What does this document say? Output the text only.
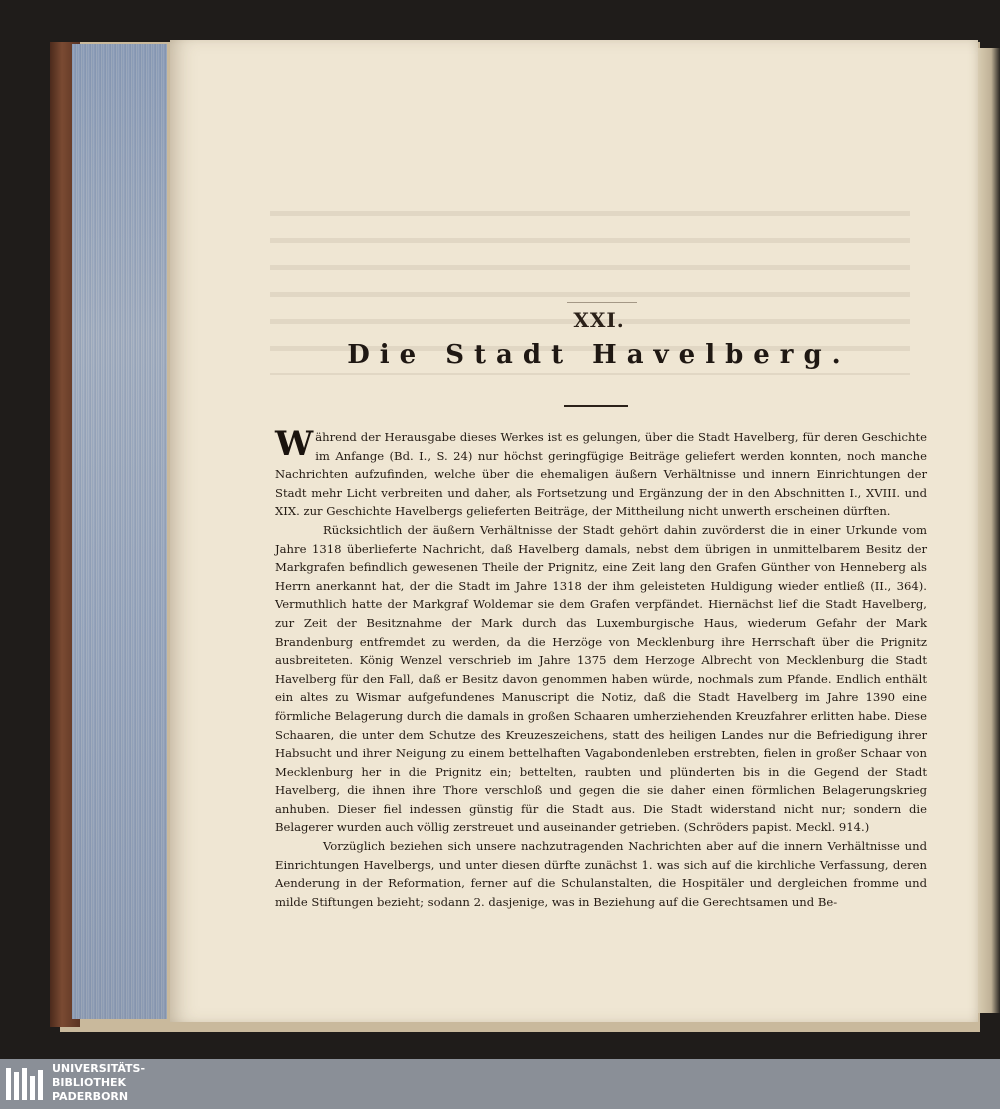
XXI.
Die Stadt Havelberg.

Während der Herausgabe dieses Werkes ist es gelungen, über die Stadt Havelberg, für deren Geschichte im Anfange (Bd. I., S. 24) nur höchst geringfügige Beiträge geliefert werden konnten, noch manche Nachrichten aufzufinden, welche über die ehemaligen äußern Verhältnisse und innern Einrichtungen der Stadt mehr Licht verbreiten und daher, als Fortsetzung und Ergänzung der in den Abschnitten I., XVIII. und XIX. zur Geschichte Havelbergs gelieferten Beiträge, der Mittheilung nicht unwerth erscheinen dürften.

Rücksichtlich der äußern Verhältnisse der Stadt gehört dahin zuvörderst die in einer Urkunde vom Jahre 1318 überlieferte Nachricht, daß Havelberg damals, nebst dem übrigen in unmittelbarem Besitz der Markgrafen befindlich gewesenen Theile der Prignitz, eine Zeit lang den Grafen Günther von Henneberg als Herrn anerkannt hat, der die Stadt im Jahre 1318 der ihm geleisteten Huldigung wieder entließ (II., 364). Vermuthlich hatte der Markgraf Woldemar sie dem Grafen verpfändet. Hiernächst lief die Stadt Havelberg, zur Zeit der Besitznahme der Mark durch das Luxemburgische Haus, wiederum Gefahr der Mark Brandenburg entfremdet zu werden, da die Herzöge von Mecklenburg ihre Herrschaft über die Prignitz ausbreiteten. König Wenzel verschrieb im Jahre 1375 dem Herzoge Albrecht von Mecklenburg die Stadt Havelberg für den Fall, daß er Besitz davon genommen haben würde, nochmals zum Pfande. Endlich enthält ein altes zu Wismar aufgefundenes Manuscript die Notiz, daß die Stadt Havelberg im Jahre 1390 eine förmliche Belagerung durch die damals in großen Schaaren umherziehenden Kreuzfahrer erlitten habe. Diese Schaaren, die unter dem Schutze des Kreuzeszeichens, statt des heiligen Landes nur die Befriedigung ihrer Habsucht und ihrer Neigung zu einem bettelhaften Vagabondenleben erstrebten, fielen in großer Schaar von Mecklenburg her in die Prignitz ein; bettelten, raubten und plünderten bis in die Gegend der Stadt Havelberg, die ihnen ihre Thore verschloß und gegen die sie daher einen förmlichen Belagerungskrieg anhuben. Dieser fiel indessen günstig für die Stadt aus. Die Stadt widerstand nicht nur; sondern die Belagerer wurden auch völlig zerstreuet und auseinander getrieben. (Schröders papist. Meckl. 914.)

Vorzüglich beziehen sich unsere nachzutragenden Nachrichten aber auf die innern Verhältnisse und Einrichtungen Havelbergs, und unter diesen dürfte zunächst 1. was sich auf die kirchliche Verfassung, deren Aenderung in der Reformation, ferner auf die Schulanstalten, die Hospitäler und dergleichen fromme und milde Stiftungen bezieht; sodann 2. dasjenige, was in Beziehung auf die Gerechtsamen und Be-

UNIVERSITÄTS-
BIBLIOTHEK
PADERBORN
